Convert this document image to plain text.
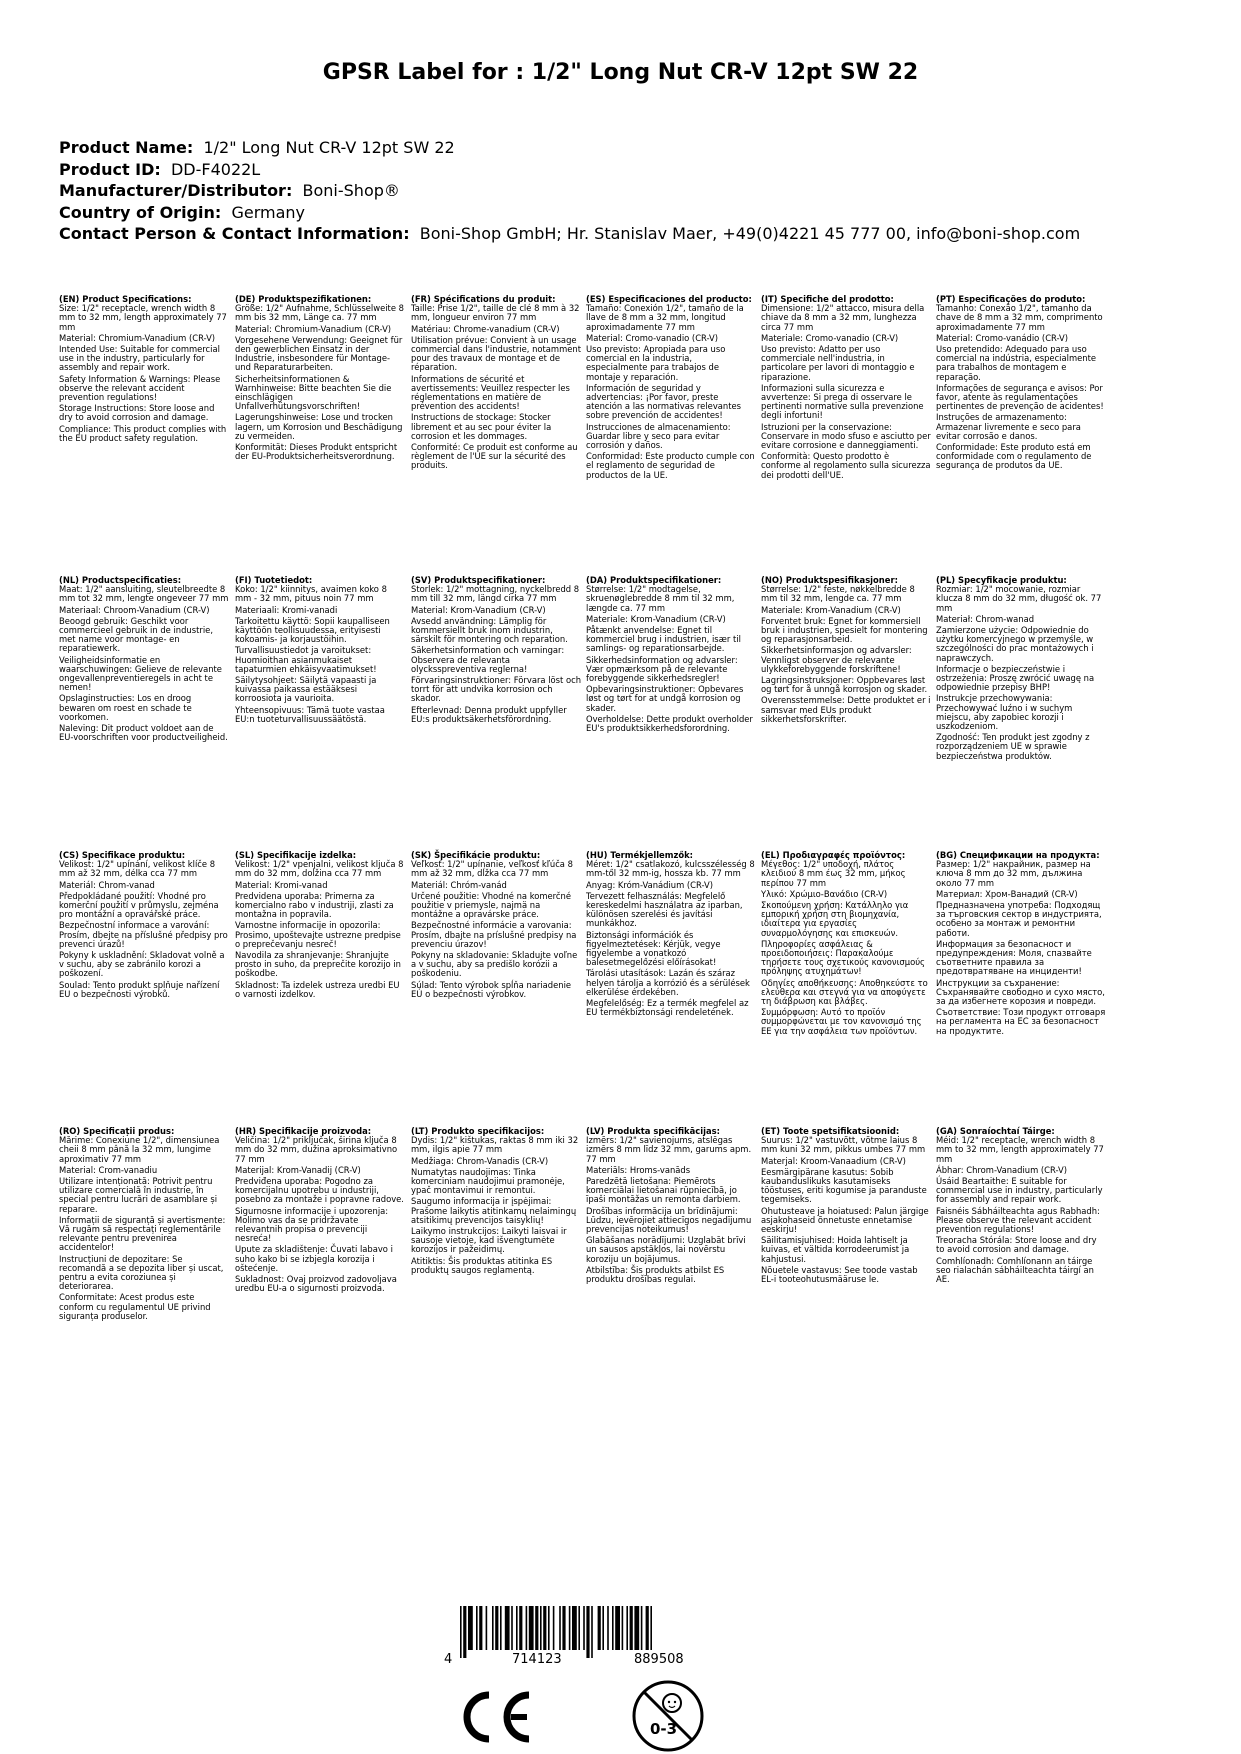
GPSR Label for : 1/2" Long Nut CR-V 12pt SW 22
Product Name: 1/2" Long Nut CR-V 12pt SW 22
Product ID: DD-F4022L
Manufacturer/Distributor: Boni-Shop®
Country of Origin: Germany
Contact Person & Contact Information: Boni-Shop GmbH; Hr. Stanislav Maer, +49(0)4221 45 777 00, info@boni-shop.com
(EN) Product Specifications:

Size: 1/2" receptacle, wrench width 8 mm to 32 mm, length approximately 77 mm

Material: Chromium-Vanadium (CR-V)

Intended Use: Suitable for commercial use in the industry, particularly for assembly and repair work.

Safety Information & Warnings: Please observe the relevant accident prevention regulations!

Storage Instructions: Store loose and dry to avoid corrosion and damage.

Compliance: This product complies with the EU product safety regulation.

(DE) Produktspezifikationen:

Größe: 1/2" Aufnahme, Schlüsselweite 8 mm bis 32 mm, Länge ca. 77 mm

Material: Chromium-Vanadium (CR-V)

Vorgesehene Verwendung: Geeignet für den gewerblichen Einsatz in der Industrie, insbesondere für Montage- und Reparaturarbeiten.

Sicherheitsinformationen & Warnhinweise: Bitte beachten Sie die einschlägigen Unfallverhütungsvorschriften!

Lagerungshinweise: Lose und trocken lagern, um Korrosion und Beschädigung zu vermeiden.

Konformität: Dieses Produkt entspricht der EU-Produktsicherheitsverordnung.

(FR) Spécifications du produit:

Taille: Prise 1/2", taille de clé 8 mm à 32 mm, longueur environ 77 mm

Matériau: Chrome-vanadium (CR-V)

Utilisation prévue: Convient à un usage commercial dans l'industrie, notamment pour des travaux de montage et de réparation.

Informations de sécurité et avertissements: Veuillez respecter les réglementations en matière de prévention des accidents!

Instructions de stockage: Stocker librement et au sec pour éviter la corrosion et les dommages.

Conformité: Ce produit est conforme au règlement de l'UE sur la sécurité des produits.

(ES) Especificaciones del producto:

Tamaño: Conexión 1/2", tamaño de la llave de 8 mm a 32 mm, longitud aproximadamente 77 mm

Material: Cromo-vanadio (CR-V)

Uso previsto: Apropiada para uso comercial en la industria, especialmente para trabajos de montaje y reparación.

Información de seguridad y advertencias: ¡Por favor, preste atención a las normativas relevantes sobre prevención de accidentes!

Instrucciones de almacenamiento: Guardar libre y seco para evitar corrosión y daños.

Conformidad: Este producto cumple con el reglamento de seguridad de productos de la UE.

(IT) Specifiche del prodotto:

Dimensione: 1/2" attacco, misura della chiave da 8 mm a 32 mm, lunghezza circa 77 mm

Materiale: Cromo-vanadio (CR-V)

Uso previsto: Adatto per uso commerciale nell'industria, in particolare per lavori di montaggio e riparazione.

Informazioni sulla sicurezza e avvertenze: Si prega di osservare le pertinenti normative sulla prevenzione degli infortuni!

Istruzioni per la conservazione: Conservare in modo sfuso e asciutto per evitare corrosione e danneggiamenti.

Conformità: Questo prodotto è conforme al regolamento sulla sicurezza dei prodotti dell'UE.

(PT) Especificações do produto:

Tamanho: Conexão 1/2", tamanho da chave de 8 mm a 32 mm, comprimento aproximadamente 77 mm

Material: Cromo-vanádio (CR-V)

Uso pretendido: Adequado para uso comercial na indústria, especialmente para trabalhos de montagem e reparação.

Informações de segurança e avisos: Por favor, atente às regulamentações pertinentes de prevenção de acidentes!

Instruções de armazenamento: Armazenar livremente e seco para evitar corrosão e danos.

Conformidade: Este produto está em conformidade com o regulamento de segurança de produtos da UE.

(NL) Productspecificaties:

Maat: 1/2" aansluiting, sleutelbreedte 8 mm tot 32 mm, lengte ongeveer 77 mm

Materiaal: Chroom-Vanadium (CR-V)

Beoogd gebruik: Geschikt voor commercieel gebruik in de industrie, met name voor montage- en reparatiewerk.

Veiligheidsinformatie en waarschuwingen: Gelieve de relevante ongevallenpreventieregels in acht te nemen!

Opslaginstructies: Los en droog bewaren om roest en schade te voorkomen.

Naleving: Dit product voldoet aan de EU-voorschriften voor productveiligheid.

(FI) Tuotetiedot:

Koko: 1/2" kiinnitys, avaimen koko 8 mm - 32 mm, pituus noin 77 mm

Materiaali: Kromi-vanadi

Tarkoitettu käyttö: Sopii kaupalliseen käyttöön teollisuudessa, erityisesti kokoamis- ja korjaustöihin.

Turvallisuustiedot ja varoitukset: Huomioithan asianmukaiset tapaturmien ehkäisyvaatimukset!

Säilytysohjeet: Säilytä vapaasti ja kuivassa paikassa estääksesi korroosiota ja vaurioita.

Yhteensopivuus: Tämä tuote vastaa EU:n tuoteturvallisuussäätöstä.

(SV) Produktspecifikationer:

Storlek: 1/2" mottagning, nyckelbredd 8 mm till 32 mm, längd cirka 77 mm

Material: Krom-Vanadium (CR-V)

Avsedd användning: Lämplig för kommersiellt bruk inom industrin, särskilt för montering och reparation.

Säkerhetsinformation och varningar: Observera de relevanta olycksspreventiva reglerna!

Förvaringsinstruktioner: Förvara löst och torrt för att undvika korrosion och skador.

Efterlevnad: Denna produkt uppfyller EU:s produktsäkerhetsförordning.

(DA) Produktspecifikationer:

Størrelse: 1/2" modtagelse, skruenøglebredde 8 mm til 32 mm, længde ca. 77 mm

Materiale: Krom-Vanadium (CR-V)

Påtænkt anvendelse: Egnet til kommerciel brug i industrien, især til samlings- og reparationsarbejde.

Sikkerhedsinformation og advarsler: Vær opmærksom på de relevante forebyggende sikkerhedsregler!

Opbevaringsinstruktioner: Opbevares løst og tørt for at undgå korrosion og skader.

Overholdelse: Dette produkt overholder EU's produktsikkerhedsforordning.

(NO) Produktspesifikasjoner:

Størrelse: 1/2" feste, nøkkelbredde 8 mm til 32 mm, lengde ca. 77 mm

Materiale: Krom-Vanadium (CR-V)

Forventet bruk: Egnet for kommersiell bruk i industrien, spesielt for montering og reparasjonsarbeid.

Sikkerhetsinformasjon og advarsler: Vennligst observer de relevante ulykkeforebyggende forskriftene!

Lagringsinstruksjoner: Oppbevares løst og tørt for å unngå korrosjon og skader.

Overensstemmelse: Dette produktet er i samsvar med EUs produkt sikkerhetsforskrifter.

(PL) Specyfikacje produktu:

Rozmiar: 1/2" mocowanie, rozmiar klucza 8 mm do 32 mm, długość ok. 77 mm

Materiał: Chrom-wanad

Zamierzone użycie: Odpowiednie do użytku komercyjnego w przemyśle, w szczególności do prac montażowych i naprawczych.

Informacje o bezpieczeństwie i ostrzeżenia: Proszę zwrócić uwagę na odpowiednie przepisy BHP!

Instrukcje przechowywania: Przechowywać luźno i w suchym miejscu, aby zapobiec korozji i uszkodzeniom.

Zgodność: Ten produkt jest zgodny z rozporządzeniem UE w sprawie bezpieczeństwa produktów.

(CS) Specifikace produktu:

Velikost: 1/2" upínání, velikost klíče 8 mm až 32 mm, délka cca 77 mm

Materiál: Chrom-vanad

Předpokládané použití: Vhodné pro komerční použití v průmyslu, zejména pro montážní a opravářské práce.

Bezpečnostní informace a varování: Prosím, dbejte na příslušné předpisy pro prevenci úrazů!

Pokyny k uskladnění: Skladovat volně a v suchu, aby se zabránilo korozi a poškození.

Soulad: Tento produkt splňuje nařízení EU o bezpečnosti výrobků.

(SL) Specifikacije izdelka:

Velikost: 1/2" vpenjalni, velikost ključa 8 mm do 32 mm, dolžina cca 77 mm

Material: Kromi-vanad

Predvidena uporaba: Primerna za komercialno rabo v industriji, zlasti za montažna in popravila.

Varnostne informacije in opozorila: Prosimo, upoštevajte ustrezne predpise o preprečevanju nesreč!

Navodila za shranjevanje: Shranjujte prosto in suho, da preprečite korozijo in poškodbe.

Skladnost: Ta izdelek ustreza uredbi EU o varnosti izdelkov.

(SK) Špecifikácie produktu:

Veľkosť: 1/2" upínanie, veľkosť kľúča 8 mm až 32 mm, dĺžka cca 77 mm

Materiál: Chróm-vanád

Určené použitie: Vhodné na komerčné použitie v priemysle, najmä na montážne a opravárske práce.

Bezpečnostné informácie a varovania: Prosím, dbajte na príslušné predpisy na prevenciu úrazov!

Pokyny na skladovanie: Skladujte voľne a v suchu, aby sa predišlo korózii a poškodeniu.

Súlad: Tento výrobok spĺňa nariadenie EÚ o bezpečnosti výrobkov.

(HU) Termékjellemzők:

Méret: 1/2" csatlakozó, kulcsszélesség 8 mm-től 32 mm-ig, hossza kb. 77 mm

Anyag: Króm-Vanádium (CR-V)

Tervezett felhasználás: Megfelelő kereskedelmi használatra az iparban, különösen szerelési és javítási munkákhoz.

Biztonsági információk és figyelmeztetések: Kérjük, vegye figyelembe a vonatkozó balesetmegelőzési előírásokat!

Tárolási utasítások: Lazán és száraz helyen tárolja a korrózió és a sérülések elkerülése érdekében.

Megfelelőség: Ez a termék megfelel az EU termékbiztonsági rendeletének.

(EL) Προδιαγραφές προϊόντος:

Μέγεθος: 1/2" υποδοχή, πλάτος κλειδιού 8 mm έως 32 mm, μήκος περίπου 77 mm

Υλικό: Χρώμιο-Βανάδιο (CR-V)

Σκοπούμενη χρήση: Κατάλληλο για εμπορική χρήση στη βιομηχανία, ιδιαίτερα για εργασίες συναρμολόγησης και επισκευών.

Πληροφορίες ασφάλειας & προειδοποιήσεις: Παρακαλούμε τηρήσετε τους σχετικούς κανονισμούς πρόληψης ατυχημάτων!

Οδηγίες αποθήκευσης: Αποθηκεύστε το ελεύθερα και στεγνά για να αποφύγετε τη διάβρωση και βλάβες.

Συμμόρφωση: Αυτό το προϊόν συμμορφώνεται με τον κανονισμό της ΕΕ για την ασφάλεια των προϊόντων.

(BG) Спецификации на продукта:

Размер: 1/2" накрайник, размер на ключа 8 mm до 32 mm, дължина около 77 mm

Материал: Хром-Ванадий (CR-V)

Предназначена употреба: Подходящ за търговския сектор в индустрията, особено за монтаж и ремонтни работи.

Информация за безопасност и предупреждения: Моля, спазвайте съответните правила за предотвратяване на инциденти!

Инструкции за съхранение: Съхранявайте свободно и сухо място, за да избегнете корозия и повреди.

Съответствие: Този продукт отговаря на регламента на ЕС за безопасност на продуктите.

(RO) Specificații produs:

Mărime: Conexiune 1/2", dimensiunea cheii 8 mm până la 32 mm, lungime aproximativ 77 mm

Material: Crom-vanadiu

Utilizare intenționată: Potrivit pentru utilizare comercială în industrie, în special pentru lucrări de asamblare și reparare.

Informații de siguranță și avertismente: Vă rugăm să respectați reglementările relevante pentru prevenirea accidentelor!

Instrucțiuni de depozitare: Se recomandă a se depozita liber și uscat, pentru a evita coroziunea și deteriorarea.

Conformitate: Acest produs este conform cu regulamentul UE privind siguranța produselor.

(HR) Specifikacije proizvoda:

Veličina: 1/2" priključak, širina ključa 8 mm do 32 mm, dužina aproksimativno 77 mm

Materijal: Krom-Vanadij (CR-V)

Predviđena uporaba: Pogodno za komercijalnu upotrebu u industriji, posebno za montaže i popravne radove.

Sigurnosne informacije i upozorenja: Molimo vas da se pridržavate relevantnih propisa o prevenciji nesreća!

Upute za skladištenje: Čuvati labavo i suho kako bi se izbjegla korozija i oštećenje.

Sukladnost: Ovaj proizvod zadovoljava uredbu EU-a o sigurnosti proizvoda.

(LT) Produkto specifikacijos:

Dydis: 1/2" kištukas, raktas 8 mm iki 32 mm, ilgis apie 77 mm

Medžiaga: Chrom-Vanadis (CR-V)

Numatytas naudojimas: Tinka komerciniam naudojimui pramonėje, ypač montavimui ir remontui.

Saugumo informacija ir įspėjimai: Prašome laikytis atitinkamų nelaimingų atsitikimų prevencijos taisyklių!

Laikymo instrukcijos: Laikyti laisvai ir sausoje vietoje, kad išvengtumėte korozijos ir pažeidimų.

Atitiktis: Šis produktas atitinka ES produktų saugos reglamentą.

(LV) Produkta specifikācijas:

Izmērs: 1/2" savienojums, atslēgas izmērs 8 mm līdz 32 mm, garums apm. 77 mm

Materiāls: Hroms-vanāds

Paredzētā lietošana: Piemērots komerciālai lietošanai rūpniecībā, jo īpaši montāžas un remonta darbiem.

Drošības informācija un brīdinājumi: Lūdzu, ievērojiet attiecīgos negadījumu prevencijas noteikumus!

Glabāšanas norādījumi: Uzglabāt brīvi un sausos apstākļos, lai novērstu koroziju un bojājumus.

Atbilstība: Šis produkts atbilst ES produktu drošības regulai.

(ET) Toote spetsifikatsioonid:

Suurus: 1/2" vastuvõtt, võtme laius 8 mm kuni 32 mm, pikkus umbes 77 mm

Materjal: Kroom-Vanaadium (CR-V)

Eesmärgipärane kasutus: Sobib kaubanduslikuks kasutamiseks tööstuses, eriti kogumise ja paranduste tegemiseks.

Ohutusteave ja hoiatused: Palun järgige asjakohaseid õnnetuste ennetamise eeskirju!

Säilitamisjuhised: Hoida lahtiselt ja kuivas, et vältida korrodeerumist ja kahjustusi.

Nõuetele vastavus: See toode vastab EL-i tooteohutusmääruse le.

(GA) Sonraíochtaí Táirge:

Méid: 1/2" receptacle, wrench width 8 mm to 32 mm, length approximately 77 mm

Ábhar: Chrom-Vanadium (CR-V)

Úsáid Beartaithe: E suitable for commercial use in industry, particularly for assembly and repair work.

Faisnéis Sábháilteachta agus Rabhadh: Please observe the relevant accident prevention regulations!

Treoracha Stórála: Store loose and dry to avoid corrosion and damage.

Comhlíonadh: Comhlíonann an táirge seo rialachán sábháilteachta táirgí an AE.

4	714123	889508
0-3
